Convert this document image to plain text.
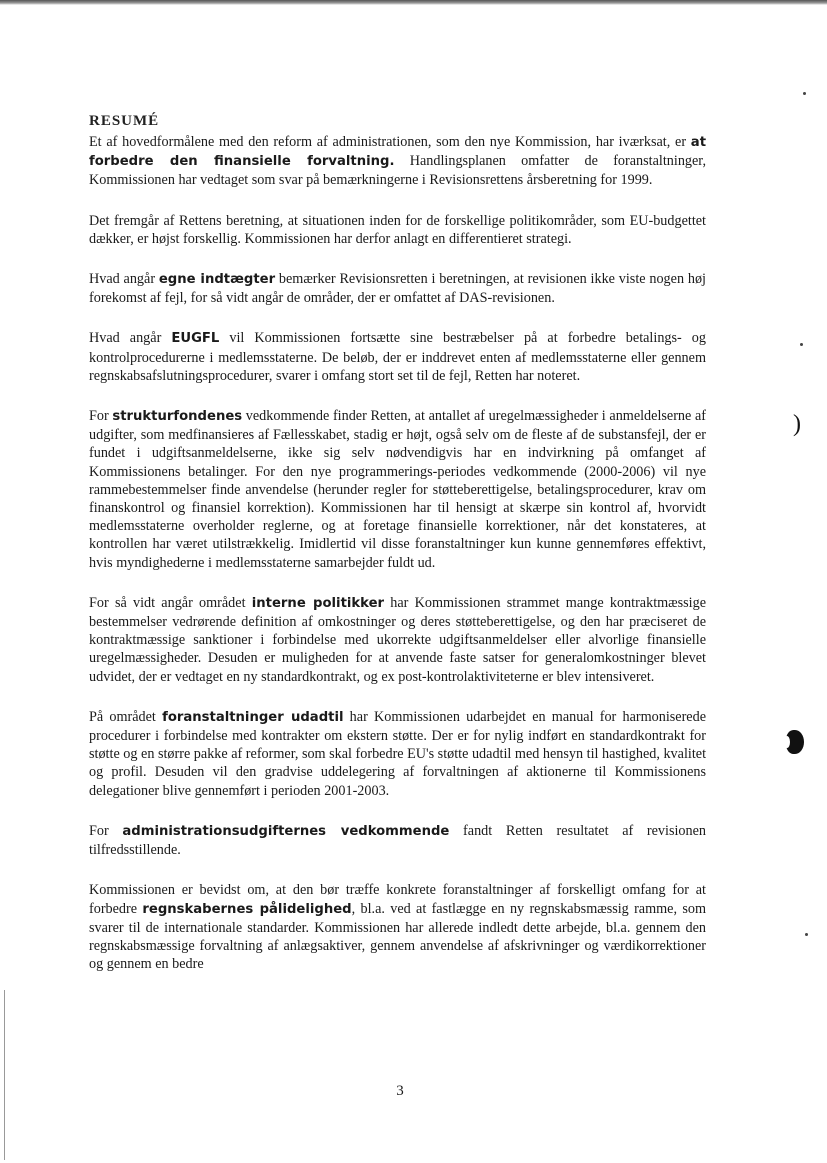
RESUMÉ

Et af hovedformålene med den reform af administrationen, som den nye Kommission, har iværksat, er at forbedre den finansielle forvaltning. Handlingsplanen omfatter de foranstaltninger, Kommissionen har vedtaget som svar på bemærkningerne i Revisionsrettens årsberetning for 1999.

Det fremgår af Rettens beretning, at situationen inden for de forskellige politikområder, som EU-budgettet dækker, er højst forskellig. Kommissionen har derfor anlagt en differentieret strategi.

Hvad angår egne indtægter bemærker Revisionsretten i beretningen, at revisionen ikke viste nogen høj forekomst af fejl, for så vidt angår de områder, der er omfattet af DAS-revisionen.

Hvad angår EUGFL vil Kommissionen fortsætte sine bestræbelser på at forbedre betalings- og kontrolprocedurerne i medlemsstaterne. De beløb, der er inddrevet enten af medlemsstaterne eller gennem regnskabsafslutningsprocedurer, svarer i omfang stort set til de fejl, Retten har noteret.

For strukturfondenes vedkommende finder Retten, at antallet af uregelmæssigheder i anmeldelserne af udgifter, som medfinansieres af Fællesskabet, stadig er højt, også selv om de fleste af de substansfejl, der er fundet i udgiftsanmeldelserne, ikke sig selv nødvendigvis har en indvirkning på omfanget af Kommissionens betalinger. For den nye programmerings-periodes vedkommende (2000-2006) vil nye rammebestemmelser finde anvendelse (herunder regler for støtteberettigelse, betalingsprocedurer, krav om finanskontrol og finansiel korrektion). Kommissionen har til hensigt at skærpe sin kontrol af, hvorvidt medlemsstaterne overholder reglerne, og at foretage finansielle korrektioner, når det konstateres, at kontrollen har været utilstrækkelig. Imidlertid vil disse foranstaltninger kun kunne gennemføres effektivt, hvis myndighederne i medlemsstaterne samarbejder fuldt ud.

For så vidt angår området interne politikker har Kommissionen strammet mange kontraktmæssige bestemmelser vedrørende definition af omkostninger og deres støtteberettigelse, og den har præciseret de kontraktmæssige sanktioner i forbindelse med ukorrekte udgiftsanmeldelser eller alvorlige finansielle uregelmæssigheder. Desuden er muligheden for at anvende faste satser for generalomkostninger blevet udvidet, der er vedtaget en ny standardkontrakt, og ex post-kontrolaktiviteterne er blev intensiveret.

På området foranstaltninger udadtil har Kommissionen udarbejdet en manual for harmoniserede procedurer i forbindelse med kontrakter om ekstern støtte. Der er for nylig indført en standardkontrakt for støtte og en større pakke af reformer, som skal forbedre EU's støtte udadtil med hensyn til hastighed, kvalitet og profil. Desuden vil den gradvise uddelegering af forvaltningen af aktionerne til Kommissionens delegationer blive gennemført i perioden 2001-2003.

For administrationsudgifternes vedkommende fandt Retten resultatet af revisionen tilfredsstillende.

Kommissionen er bevidst om, at den bør træffe konkrete foranstaltninger af forskelligt omfang for at forbedre regnskabernes pålidelighed, bl.a. ved at fastlægge en ny regnskabsmæssig ramme, som svarer til de internationale standarder. Kommissionen har allerede indledt dette arbejde, bl.a. gennem den regnskabsmæssige forvaltning af anlægsaktiver, gennem anvendelse af afskrivninger og værdikorrektioner og gennem en bedre

)
3
